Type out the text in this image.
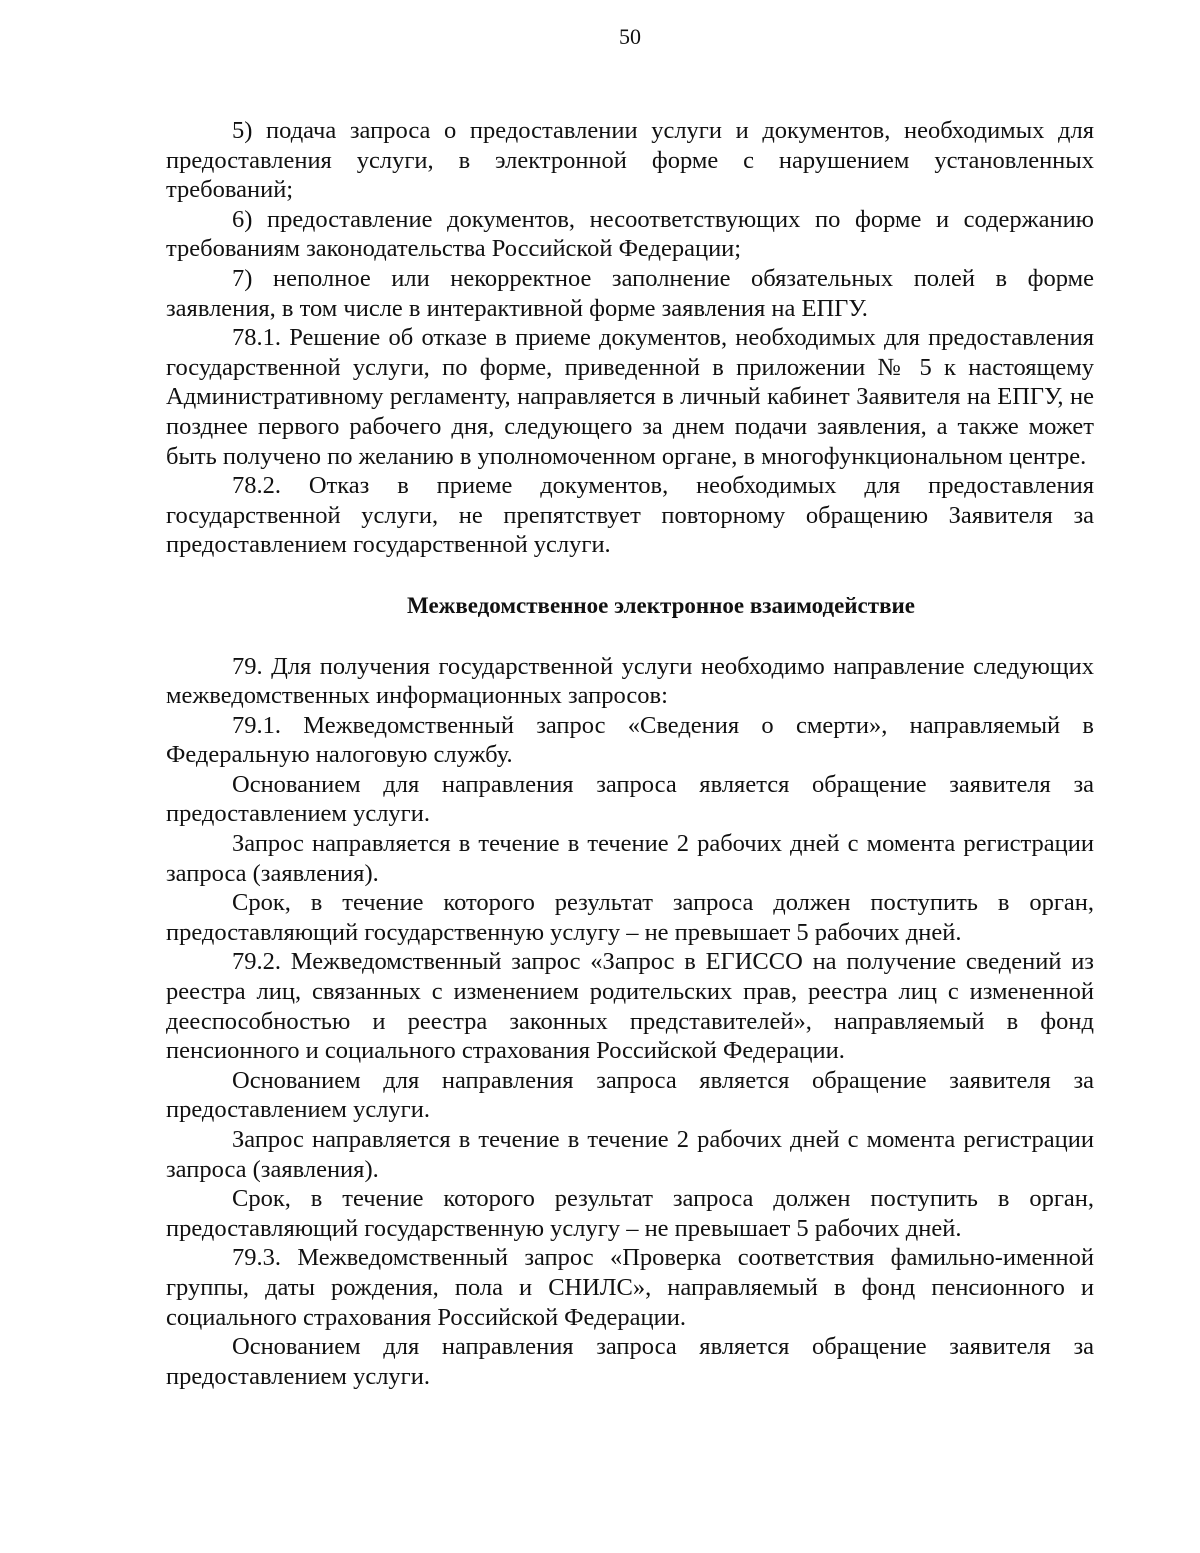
50

5) подача запроса о предоставлении услуги и документов, необходимых для предоставления услуги, в электронной форме с нарушением установленных требований;

6) предоставление документов, несоответствующих по форме и содержанию требованиям законодательства Российской Федерации;

7) неполное или некорректное заполнение обязательных полей в форме заявления, в том числе в интерактивной форме заявления на ЕПГУ.

78.1. Решение об отказе в приеме документов, необходимых для предоставления государственной услуги, по форме, приведенной в приложении № 5 к настоящему Административному регламенту, направляется в личный кабинет Заявителя на ЕПГУ, не позднее первого рабочего дня, следующего за днем подачи заявления, а также может быть получено по желанию в уполномоченном органе, в многофункциональном центре.

78.2. Отказ в приеме документов, необходимых для предоставления государственной услуги, не препятствует повторному обращению Заявителя за предоставлением государственной услуги.

Межведомственное электронное взаимодействие

79. Для получения государственной услуги необходимо направление следующих межведомственных информационных запросов:

79.1. Межведомственный запрос «Сведения о смерти», направляемый в Федеральную налоговую службу.

Основанием для направления запроса является обращение заявителя за предоставлением услуги.

Запрос направляется в течение в течение 2 рабочих дней с момента регистрации запроса (заявления).

Срок, в течение которого результат запроса должен поступить в орган, предоставляющий государственную услугу – не превышает 5 рабочих дней.

79.2. Межведомственный запрос «Запрос в ЕГИССО на получение сведений из реестра лиц, связанных с изменением родительских прав, реестра лиц с измененной дееспособностью и реестра законных представителей», направляемый в фонд пенсионного и социального страхования Российской Федерации.

Основанием для направления запроса является обращение заявителя за предоставлением услуги.

Запрос направляется в течение в течение 2 рабочих дней с момента регистрации запроса (заявления).

Срок, в течение которого результат запроса должен поступить в орган, предоставляющий государственную услугу – не превышает 5 рабочих дней.

79.3. Межведомственный запрос «Проверка соответствия фамильно-именной группы, даты рождения, пола и СНИЛС», направляемый в фонд пенсионного и социального страхования Российской Федерации.

Основанием для направления запроса является обращение заявителя за предоставлением услуги.
